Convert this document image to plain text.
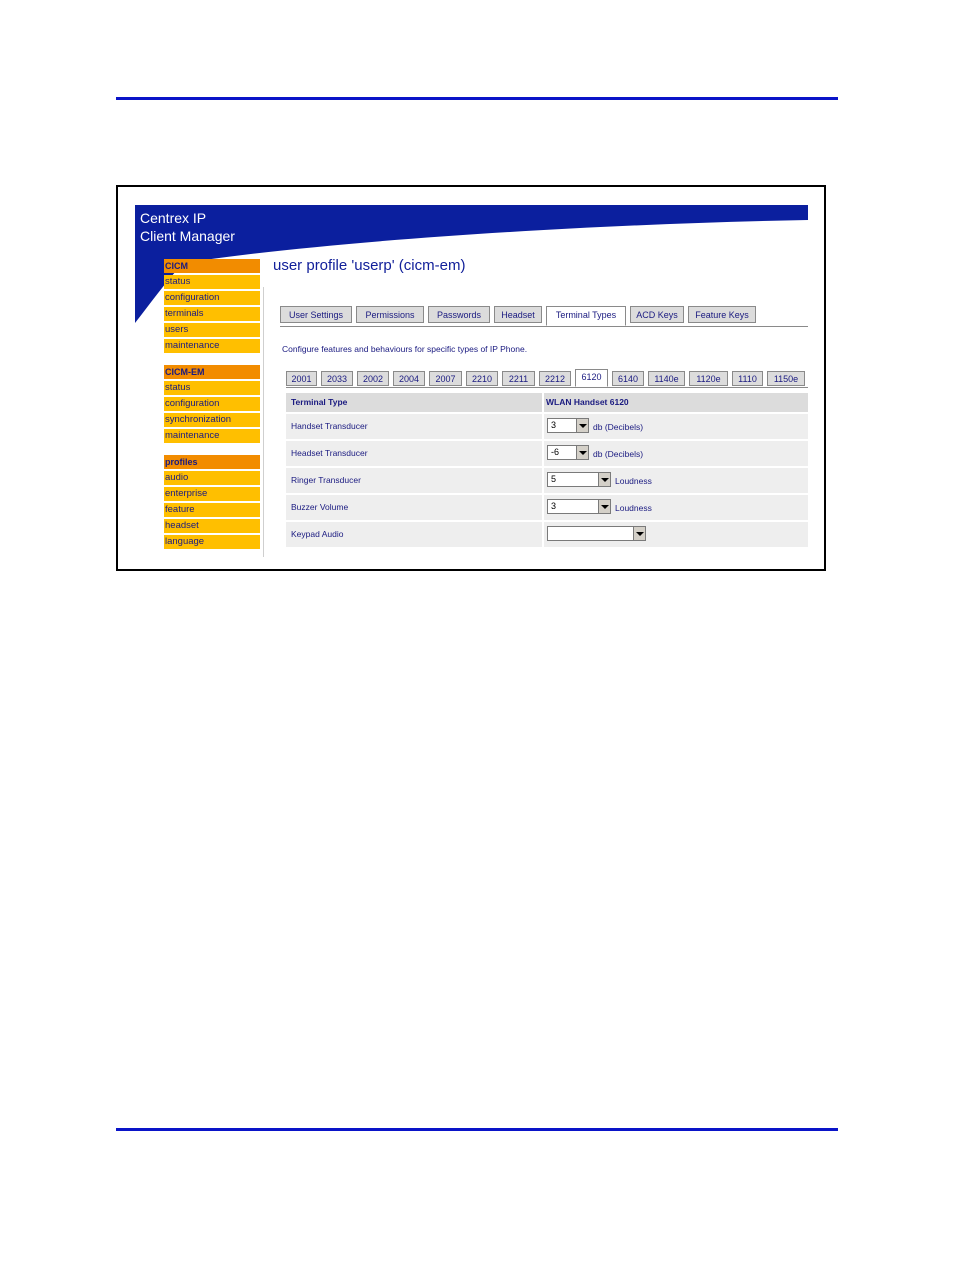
Centrex IP
Client Manager
CICM
status
configuration
terminals
users
maintenance
CICM-EM
status
configuration
synchronization
maintenance
profiles
audio
enterprise
feature
headset
language
user profile 'userp' (cicm-em)
User Settings	Permissions	Passwords	Headset	Terminal Types	ACD Keys	Feature Keys
Configure features and behaviours for specific types of IP Phone.
2001	2033	2002	2004	2007	2210	2211	2212	6120	6140	1140e	1120e	1110	1150e
Terminal Type	WLAN Handset 6120
Handset Transducer	3	db (Decibels)
Headset Transducer	-6	db (Decibels)
Ringer Transducer	5	Loudness
Buzzer Volume	3	Loudness
Keypad Audio
